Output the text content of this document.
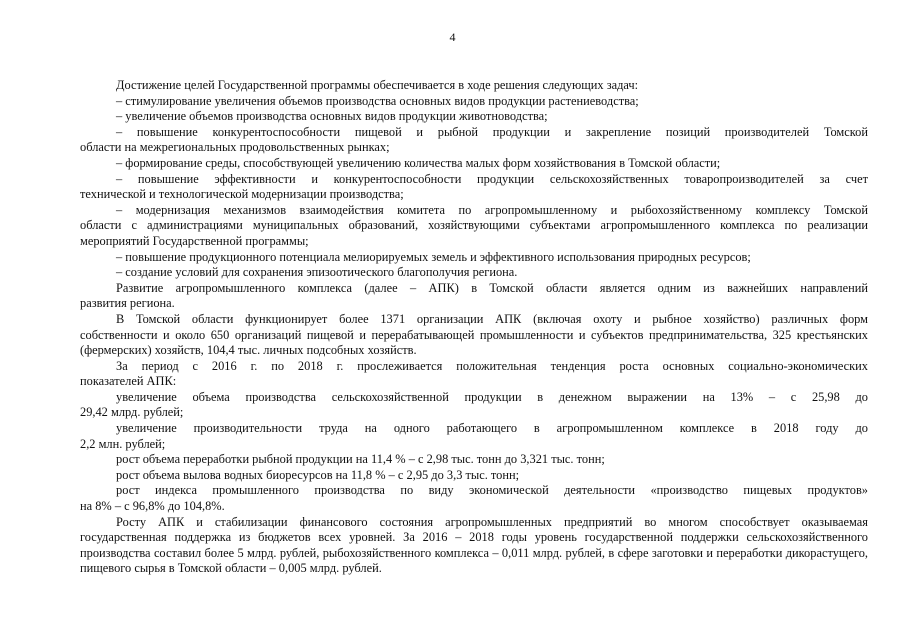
4
Достижение целей Государственной программы обеспечивается в ходе решения следующих задач:
– стимулирование увеличения объемов производства основных видов продукции растениеводства;
– увеличение объемов производства основных видов продукции животноводства;
– повышение конкурентоспособности пищевой и рыбной продукции и закрепление позиций производителей Томской
области на межрегиональных продовольственных рынках;
– формирование среды, способствующей увеличению количества малых форм хозяйствования в Томской области;
– повышение эффективности и конкурентоспособности продукции сельскохозяйственных товаропроизводителей за счет
технической и технологической модернизации производства;
– модернизация механизмов взаимодействия комитета по агропромышленному и рыбохозяйственному комплексу Томской
области с администрациями муниципальных образований, хозяйствующими субъектами агропромышленного комплекса по реализации мероприятий Государственной программы;
– повышение продукционного потенциала мелиорируемых земель и эффективного использования природных ресурсов;
– создание условий для сохранения эпизоотического благополучия региона.
Развитие агропромышленного комплекса (далее – АПК) в Томской области является одним из важнейших направлений
развития региона.
В Томской области функционирует более 1371 организации АПК (включая охоту и рыбное хозяйство) различных форм
собственности и около 650 организаций пищевой и перерабатывающей промышленности и субъектов предпринимательства, 325 крестьянских (фермерских) хозяйств, 104,4 тыс. личных подсобных хозяйств.
За период с 2016 г. по 2018 г. прослеживается положительная тенденция роста основных социально-экономических
показателей АПК:
увеличение объема производства сельскохозяйственной продукции в денежном выражении на 13% – с 25,98 до
29,42 млрд. рублей;
увеличение производительности труда на одного работающего в агропромышленном комплексе в 2018 году до
2,2 млн. рублей;
рост объема переработки рыбной продукции на 11,4 % – с 2,98 тыс. тонн до 3,321 тыс. тонн;
рост объема вылова водных биоресурсов на 11,8 % – с 2,95 до 3,3 тыс. тонн;
рост индекса промышленного производства по виду экономической деятельности «производство пищевых продуктов»
на 8% – с 96,8% до 104,8%.
Росту АПК и стабилизации финансового состояния агропромышленных предприятий во многом способствует оказываемая
государственная поддержка из бюджетов всех уровней. За 2016 – 2018 годы уровень государственной поддержки сельскохозяйственного производства составил более 5 млрд. рублей, рыбохозяйственного комплекса – 0,011 млрд. рублей, в сфере заготовки и переработки дикорастущего, пищевого сырья в Томской области – 0,005 млрд. рублей.
